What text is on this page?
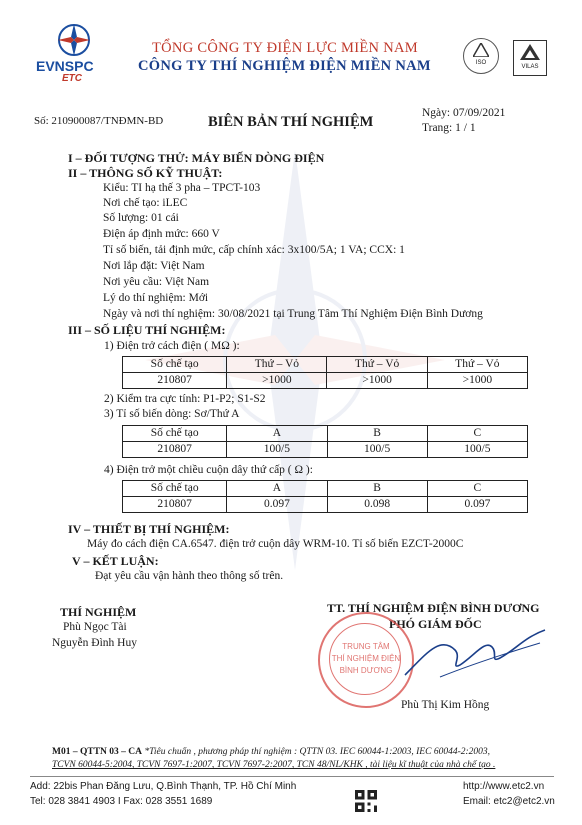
EVNSPC
ETC
TỔNG CÔNG TY ĐIỆN LỰC MIỀN NAM
CÔNG TY THÍ NGHIỆM ĐIỆN MIỀN NAM	ISO
VILAS
Số: 210900087/TNĐMN-BD	BIÊN BẢN THÍ NGHIỆM
Ngày: 07/09/2021
Trang: 1 / 1
I – ĐỐI TƯỢNG THỬ: MÁY BIẾN DÒNG ĐIỆN
II – THÔNG SỐ KỸ THUẬT:
Kiểu: TI hạ thế 3 pha – TPCT-103
Nơi chế tạo: iLEC
Số lượng: 01 cái
Điện áp định mức: 660 V
Tỉ số biến, tải định mức, cấp chính xác: 3x100/5A; 1 VA; CCX: 1
Nơi lắp đặt: Việt Nam
Nơi yêu cầu: Việt Nam
Lý do thí nghiệm: Mới
Ngày và nơi thí nghiệm: 30/08/2021 tại Trung Tâm Thí Nghiệm Điện Bình Dương
III – SỐ LIỆU THÍ NGHIỆM:
1) Điện trở cách điện ( MΩ ):
Số chế tạo	Thứ – Vỏ	Thứ – Vỏ	Thứ – Vỏ
210807	>1000	>1000	>1000
2) Kiểm tra cực tính: P1-P2; S1-S2
3) Tỉ số biến dòng: Sơ/Thứ A
Số chế tạo	A	B	C
210807	100/5	100/5	100/5
4) Điện trở một chiều cuộn dây thứ cấp ( Ω ):
Số chế tạo	A	B	C
210807	0.097	0.098	0.097
IV – THIẾT BỊ THÍ NGHIỆM:
Máy đo cách điện CA.6547. điện trở cuộn dây WRM-10. Tỉ số biến EZCT-2000C
V – KẾT LUẬN:
Đạt yêu cầu vận hành theo thông số trên.
THÍ NGHIỆM
Phù Ngọc Tài
Nguyễn Đình Huy
TT. THÍ NGHIỆM ĐIỆN BÌNH DƯƠNG
PHÓ GIÁM ĐỐC
TRUNG TÂM
THÍ NGHIỆM ĐIỆN
BÌNH DƯƠNG
Phù Thị Kim Hồng
M01 – QTTN 03 – CA *Tiêu chuẩn , phương pháp thí nghiệm : QTTN 03. IEC 60044-1:2003, IEC 60044-2:2003,
TCVN 60044-5:2004, TCVN 7697-1:2007, TCVN 7697-2:2007, TCN 48/NL/KHK , tài liệu kĩ thuật của nhà chế tạo .
Add: 22bis Phan Đăng Lưu, Q.Bình Thạnh, TP. Hồ Chí Minh
Tel: 028 3841 4903 I Fax: 028 3551 1689
http://www.etc2.vn
Email: etc2@etc2.vn
